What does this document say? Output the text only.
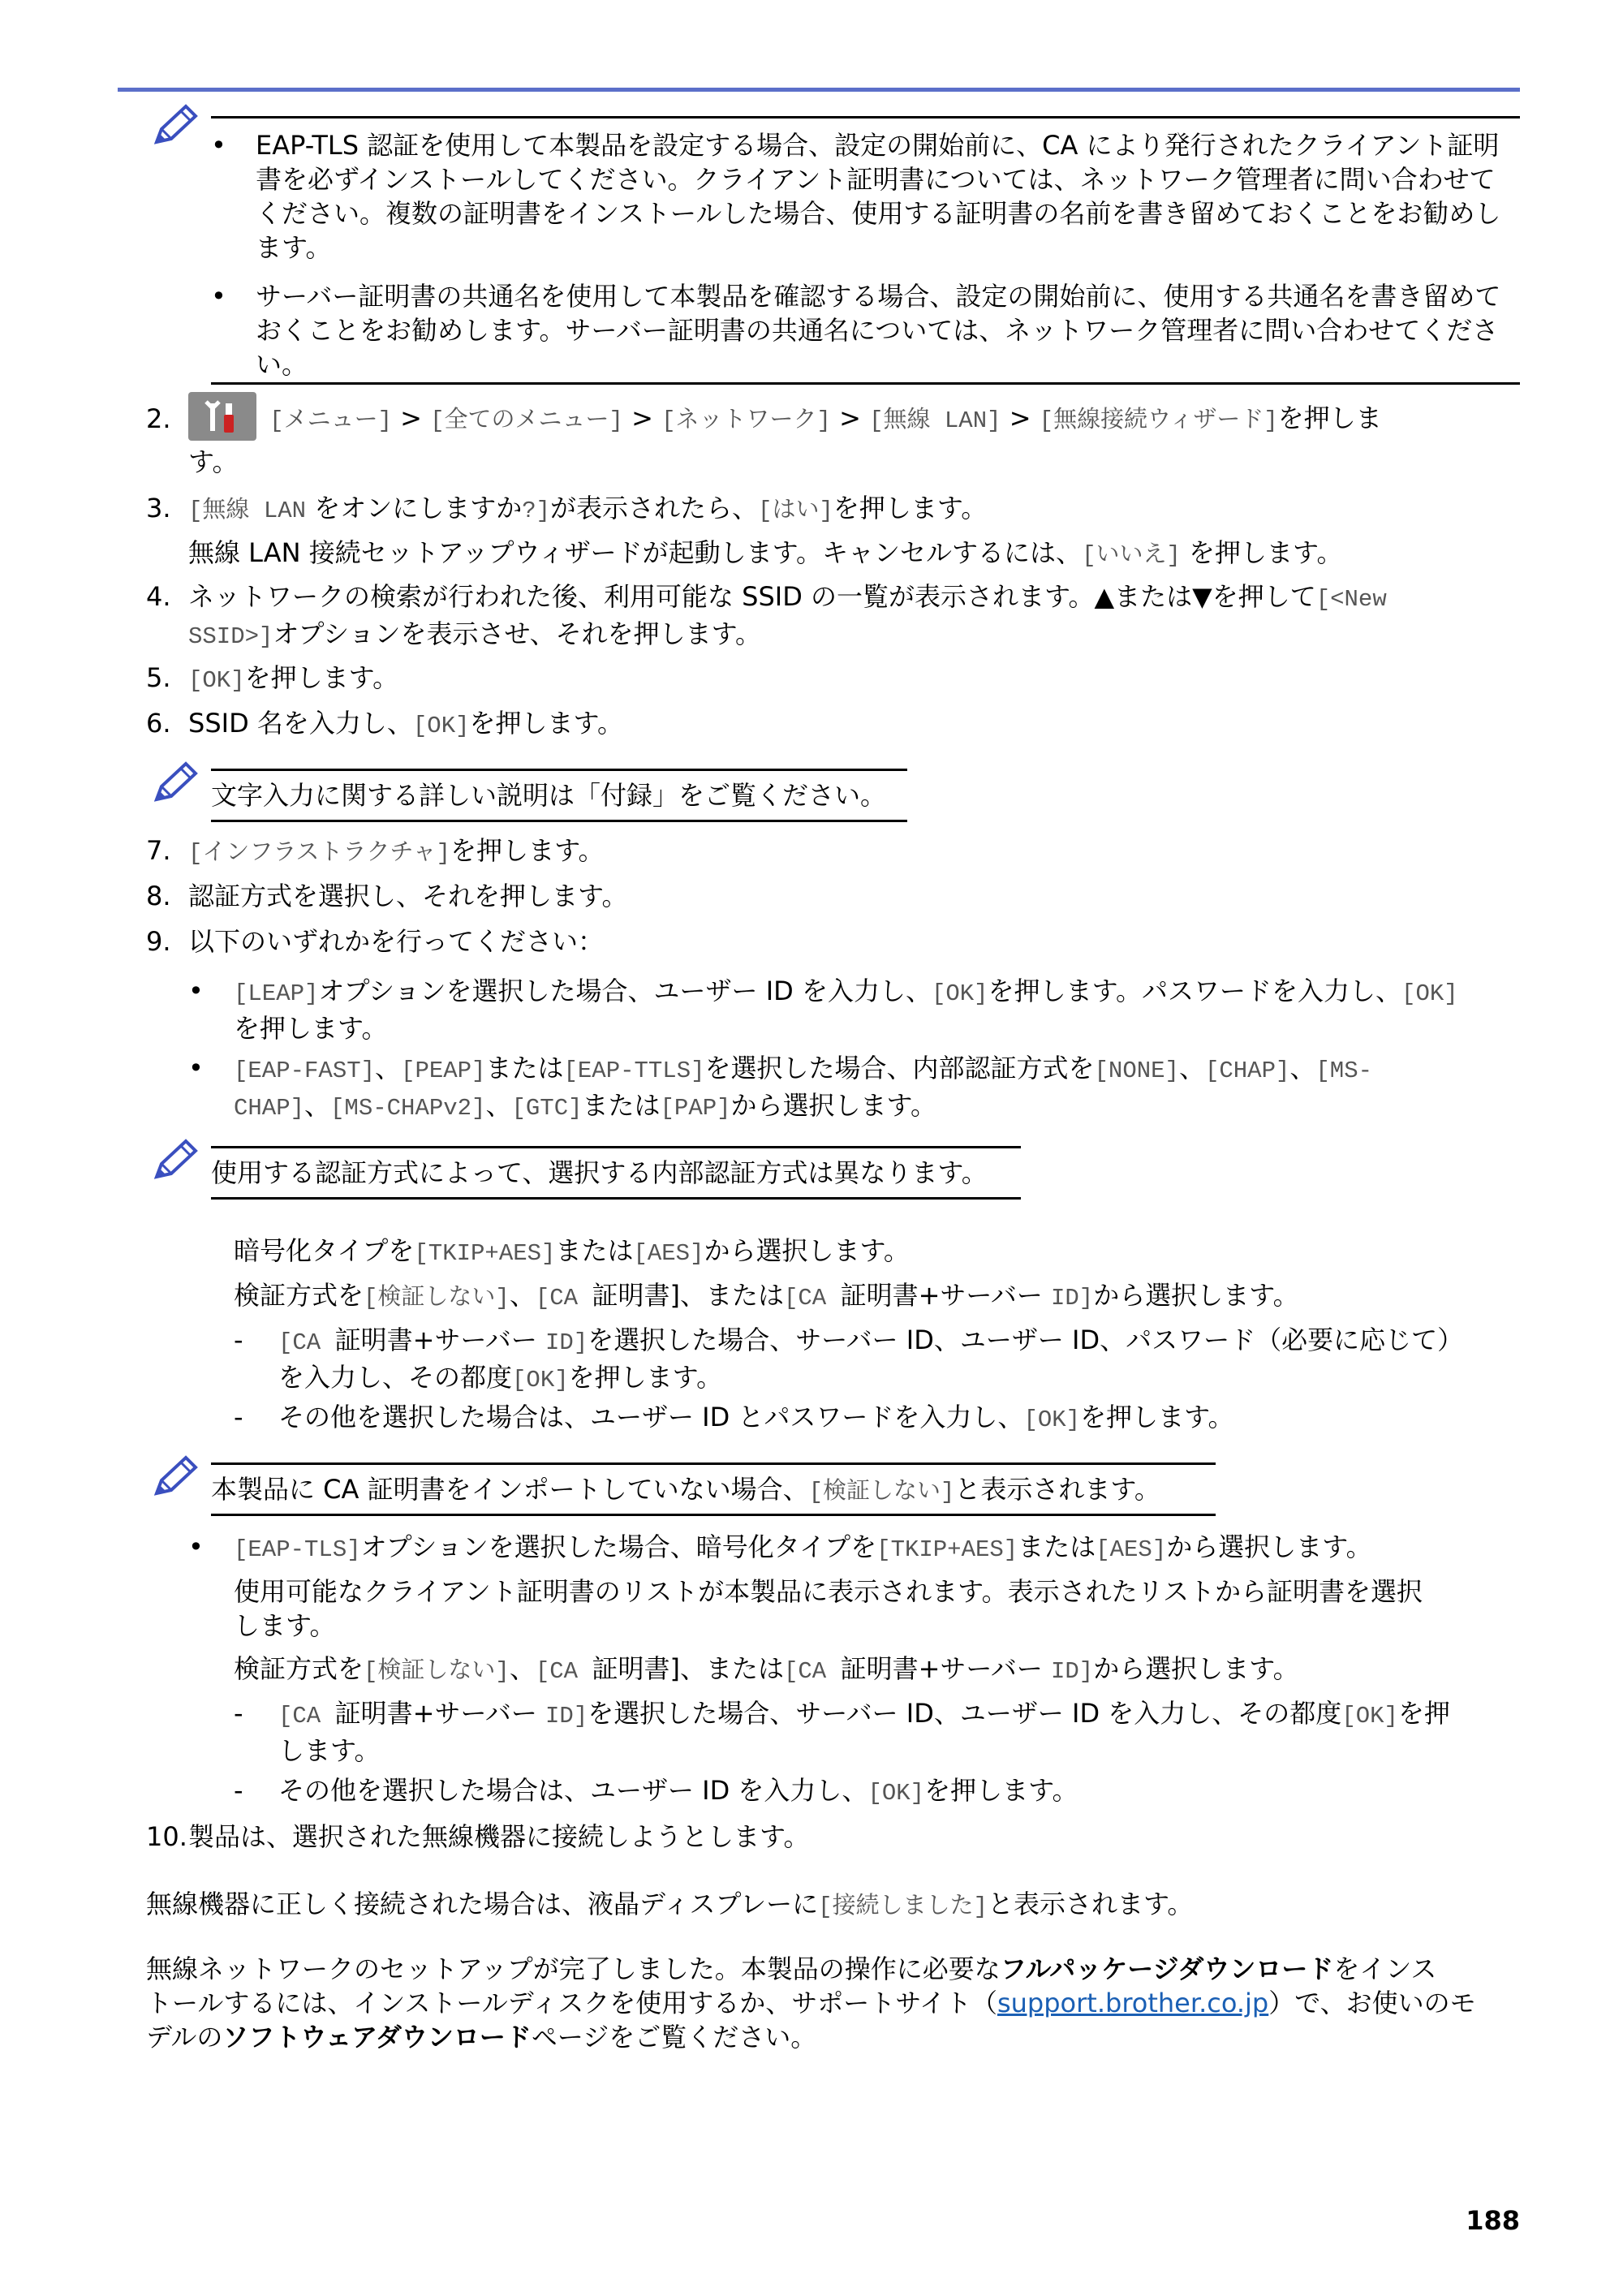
• EAP-TLS 認証を使用して本製品を設定する場合、設定の開始前に、CA により発行されたクライアント証明書を必ずインストールしてください。クライアント証明書については、ネットワーク管理者に問い合わせてください。複数の証明書をインストールした場合、使用する証明書の名前を書き留めておくことをお勧めします。
• サーバー証明書の共通名を使用して本製品を確認する場合、設定の開始前に、使用する共通名を書き留めておくことをお勧めします。サーバー証明書の共通名については、ネットワーク管理者に問い合わせてください。
2.	[メニュー] > [全てのメニュー] > [ネットワーク] > [無線 LAN] > [無線接続ウィザード]を押しま
す。
3. [無線 LAN をオンにしますか?]が表示されたら、[はい]を押します。
無線 LAN 接続セットアップウィザードが起動します。キャンセルするには、[いいえ] を押します。
4. ネットワークの検索が行われた後、利用可能な SSID の一覧が表示されます。▲または▼を押して[<New
SSID>]オプションを表示させ、それを押します。
5. [OK]を押します。
6. SSID 名を入力し、[OK]を押します。
文字入力に関する詳しい説明は「付録」をご覧ください。
7. [インフラストラクチャ]を押します。
8. 認証方式を選択し、それを押します。
9. 以下のいずれかを行ってください：
• [LEAP]オプションを選択した場合、ユーザー ID を入力し、[OK]を押します。パスワードを入力し、[OK]
を押します。
• [EAP-FAST]、[PEAP]または[EAP-TTLS]を選択した場合、内部認証方式を[NONE]、[CHAP]、[MS-
CHAP]、[MS-CHAPv2]、[GTC]または[PAP]から選択します。
使用する認証方式によって、選択する内部認証方式は異なります。
暗号化タイプを[TKIP+AES]または[AES]から選択します。
検証方式を[検証しない]、[CA 証明書]、または[CA 証明書+サーバー ID]から選択します。
- [CA 証明書+サーバー ID]を選択した場合、サーバー ID、ユーザー ID、パスワード（必要に応じて）
を入力し、その都度[OK]を押します。
- その他を選択した場合は、ユーザー ID とパスワードを入力し、[OK]を押します。
本製品に CA 証明書をインポートしていない場合、[検証しない]と表示されます。
• [EAP-TLS]オプションを選択した場合、暗号化タイプを[TKIP+AES]または[AES]から選択します。
使用可能なクライアント証明書のリストが本製品に表示されます。表示されたリストから証明書を選択
します。
検証方式を[検証しない]、[CA 証明書]、または[CA 証明書+サーバー ID]から選択します。
- [CA 証明書+サーバー ID]を選択した場合、サーバー ID、ユーザー ID を入力し、その都度[OK]を押
します。
- その他を選択した場合は、ユーザー ID を入力し、[OK]を押します。
10. 製品は、選択された無線機器に接続しようとします。
無線機器に正しく接続された場合は、液晶ディスプレーに[接続しました]と表示されます。
無線ネットワークのセットアップが完了しました。本製品の操作に必要なフルパッケージダウンロードをインス
トールするには、インストールディスクを使用するか、サポートサイト（support.brother.co.jp）で、お使いのモ
デルのソフトウェアダウンロードページをご覧ください。
188
